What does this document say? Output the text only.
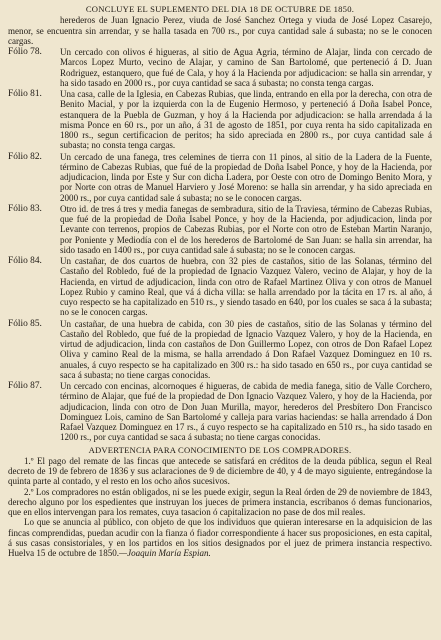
CONCLUYE EL SUPLEMENTO DEL DIA 18 DE OCTUBRE DE 1850.

herederos de Juan Ignacio Perez, viuda de José Sanchez Ortega y viuda de José Lopez Casarejo, menor, se encuentra sin arrendar, y se halla tasada en 700 rs., por cuya cantidad sale á subasta; no se le conocen cargas.

Fólio 78.	Un cercado con olivos é higueras, al sitio de Agua Agria, término de Alajar, linda con cercado de Marcos Lopez Murto, vecino de Alajar, y camino de San Bartolomé, que perteneció á D. Juan Rodriguez, estanquero, que fué de Cala, y hoy á la Hacienda por adjudicacion: se halla sin arrendar, y ha sido tasado en 2000 rs., por cuya cantidad se saca á subasta; no consta tenga cargas.
Fólio 81.	Una casa, calle de la Iglesia, en Cabezas Rubias, que linda, entrando en ella por la derecha, con otra de Benito Macial, y por la izquierda con la de Eugenio Hermoso, y perteneció á Doña Isabel Ponce, estanquera de la Puebla de Guzman, y hoy á la Hacienda por adjudicacion: se halla arrendada á la misma Ponce en 60 rs., por un año, á 31 de agosto de 1851, por cuya renta ha sido capitalizada en 1800 rs., segun certificacion de peritos; ha sido apreciada en 2800 rs., por cuya cantidad sale á subasta; no consta tenga cargas.
Fólio 82.	Un cercado de una fanega, tres celemines de tierra con 11 pinos, al sitio de la Ladera de la Fuente, término de Cabezas Rubias, que fué de la propiedad de Doña Isabel Ponce, y hoy de la Hacienda, por adjudicacion, linda por Este y Sur con dicha Ladera, por Oeste con otro de Domingo Benito Mora, y por Norte con otras de Manuel Harviero y José Moreno: se halla sin arrendar, y ha sido apreciada en 2000 rs., por cuya cantidad sale á subasta; no se le conocen cargas.
Fólio 83.	Otro id. de tres á tres y media fanegas de sembradura, sitio de la Traviesa, término de Cabezas Rubias, que fué de la propiedad de Doña Isabel Ponce, y hoy de la Hacienda, por adjudicacion, linda por Levante con terrenos, propios de Cabezas Rubias, por el Norte con otro de Esteban Martin Naranjo, por Poniente y Mediodía con el de los herederos de Bartolomé de San Juan: se halla sin arrendar, ha sido tasado en 1400 rs., por cuya cantidad sale á subasta; no se le conocen cargas.
Fólio 84.	Un castañar, de dos cuartos de huebra, con 32 pies de castaños, sitio de las Solanas, término del Castaño del Robledo, fué de la propiedad de Ignacio Vazquez Valero, vecino de Alajar, y hoy de la Hacienda, en virtud de adjudicacion, linda con otro de Rafael Martinez Oliva y con otros de Manuel Lopez Rubio y camino Real, que vá á dicha villa: se halla arrendado por la tácita en 17 rs. al año, á cuyo respecto se ha capitalizado en 510 rs., y siendo tasado en 640, por los cuales se saca á la subasta; no se le conocen cargas.
Fólio 85.	Un castañar, de una huebra de cabida, con 30 pies de castaños, sitio de las Solanas y término del Castaño del Robledo, que fué de la propiedad de Ignacio Vazquez Valero, y hoy de la Hacienda, en virtud de adjudicacion, linda con castaños de Don Guillermo Lopez, con otros de Don Rafael Lopez Oliva y camino Real de la misma, se halla arrendado á Don Rafael Vazquez Dominguez en 10 rs. anuales, á cuyo respecto se ha capitalizado en 300 rs.: ha sido tasado en 650 rs., por cuya cantidad se saca á subasta; no tiene cargas conocidas.
Fólio 87.	Un cercado con encinas, alcornoques é higueras, de cabida de media fanega, sitio de Valle Corchero, término de Alajar, que fué de la propiedad de Don Ignacio Vazquez Valero, y hoy de la Hacienda, por adjudicacion, linda con otro de Don Juan Murilla, mayor, herederos del Presbítero Don Francisco Dominguez Lois, camino de San Bartolomé y calleja para varias haciendas: se halla arrendado á Don Rafael Vazquez Dominguez en 17 rs., á cuyo respecto se ha capitalizado en 510 rs., ha sido tasado en 1200 rs., por cuya cantidad se saca á subasta; no tiene cargas conocidas.
ADVERTENCIA PARA CONOCIMIENTO DE LOS COMPRADORES.

1.º El pago del remate de las fincas que antecede se satisfará en créditos de la deuda pública, segun el Real decreto de 19 de febrero de 1836 y sus aclaraciones de 9 de diciembre de 40, y 4 de mayo siguiente, entregándose la quinta parte al contado, y el resto en los ocho años sucesivos.

2.º Los compradores no están obligados, ni se les puede exigir, segun la Real órden de 29 de noviembre de 1843, derecho alguno por los espedientes que instruyan los jueces de primera instancia, escribanos ó demas funcionarios, que en ellos intervengan para los remates, cuya tasacion ó capitalizacion no pase de dos mil reales.

Lo que se anuncia al público, con objeto de que los individuos que quieran interesarse en la adquisicion de las fincas comprendidas, puedan acudir con la fianza ó fiador correspondiente á hacer sus proposiciones, en esta capital, á sus casas consistoriales, y en los partidos en los sitios designados por el juez de primera instancia respectivo. Huelva 15 de octubre de 1850.—Joaquin María Espian.
